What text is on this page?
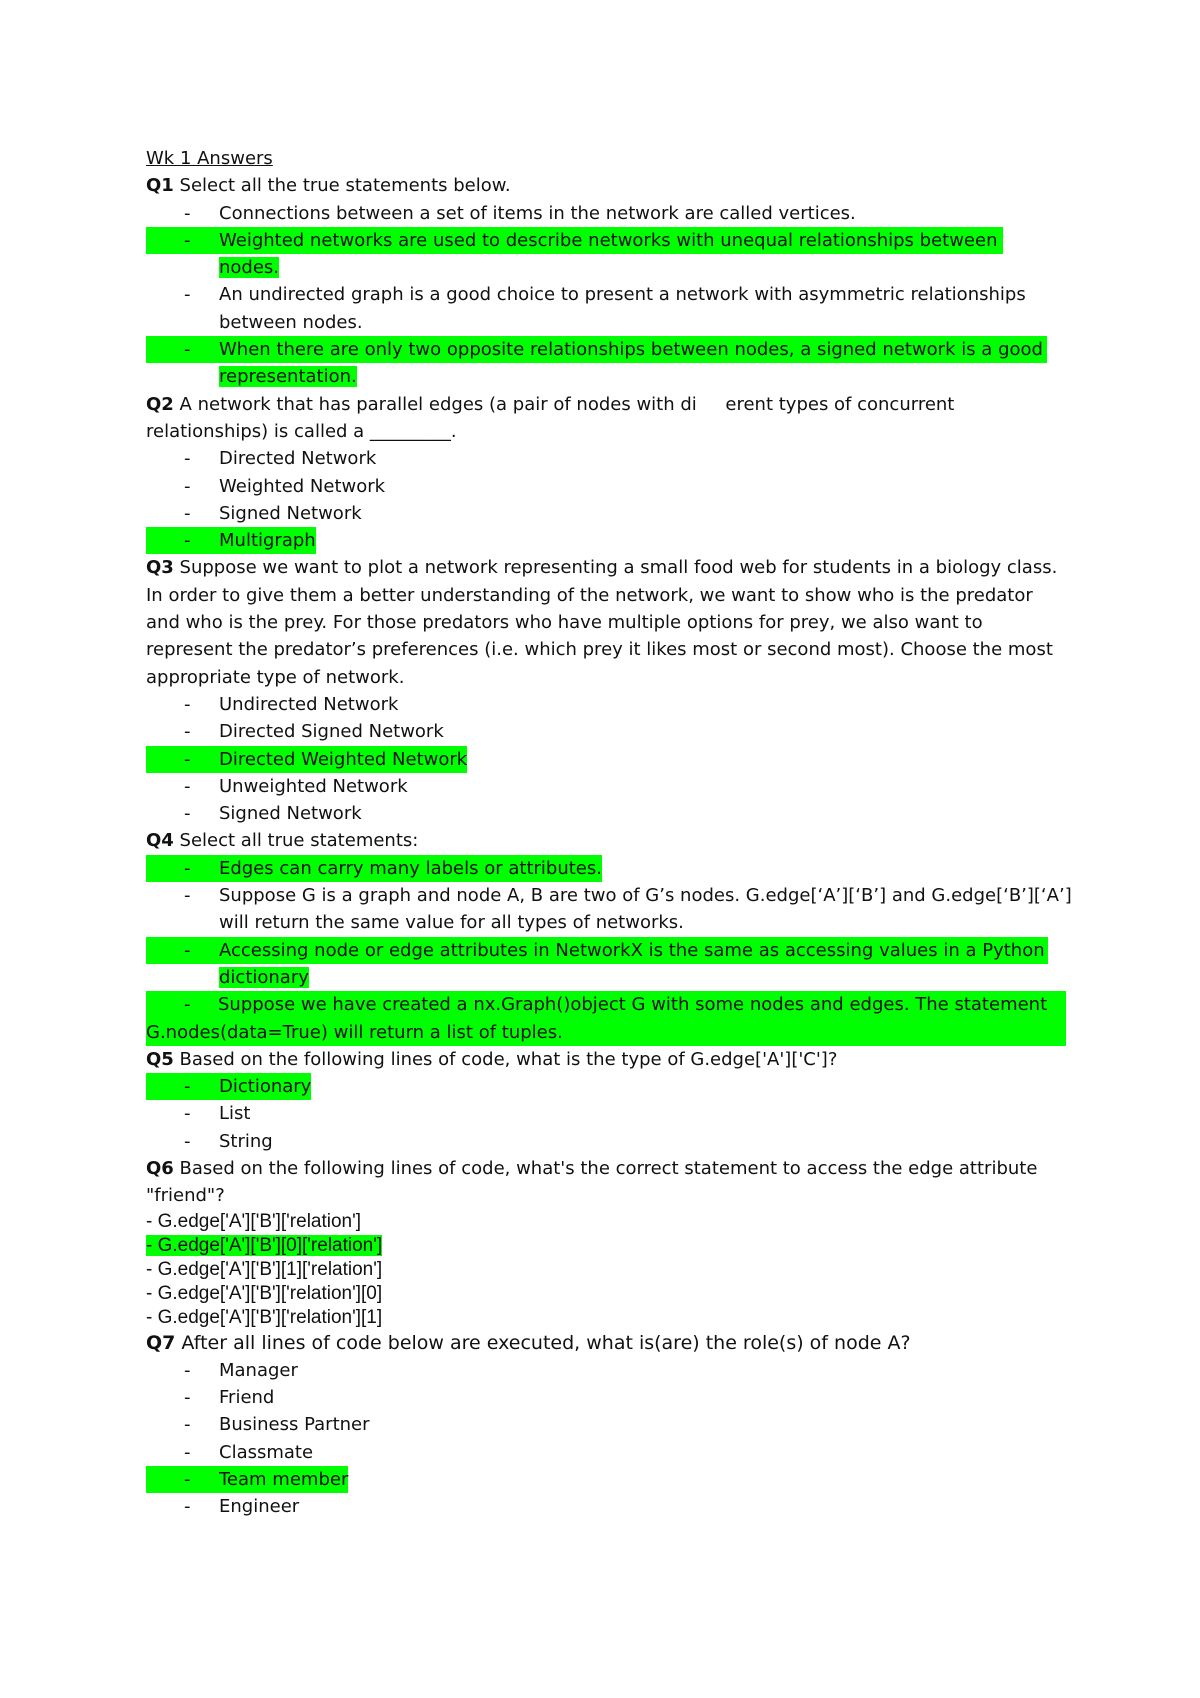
Wk 1 Answers
Q1 Select all the true statements below.
-	Connections between a set of items in the network are called vertices.
-	Weighted networks are used to describe networks with unequal relationships between
nodes.
-	An undirected graph is a good choice to present a network with asymmetric relationships
between nodes.
-	When there are only two opposite relationships between nodes, a signed network is a good
representation.
Q2 A network that has parallel edges (a pair of nodes with di     erent types of concurrent
relationships) is called a _________.
-	Directed Network
-	Weighted Network
-	Signed Network
-	Multigraph
Q3 Suppose we want to plot a network representing a small food web for students in a biology class.
In order to give them a better understanding of the network, we want to show who is the predator
and who is the prey. For those predators who have multiple options for prey, we also want to
represent the predator’s preferences (i.e. which prey it likes most or second most). Choose the most
appropriate type of network.
-	Undirected Network
-	Directed Signed Network
-	Directed Weighted Network
-	Unweighted Network
-	Signed Network
Q4 Select all true statements:
-	Edges can carry many labels or attributes.
-	Suppose G is a graph and node A, B are two of G’s nodes. G.edge[‘A’][‘B’] and G.edge[‘B’][‘A’]
will return the same value for all types of networks.
-	Accessing node or edge attributes in NetworkX is the same as accessing values in a Python
dictionary
-	Suppose we have created a nx.Graph()object G with some nodes and edges. The statement
G.nodes(data=True) will return a list of tuples.
Q5 Based on the following lines of code, what is the type of G.edge['A']['C']?
-	Dictionary
-	List
-	String
Q6 Based on the following lines of code, what's the correct statement to access the edge attribute
"friend"?
- G.edge['A']['B']['relation']
- G.edge['A']['B'][0]['relation']
- G.edge['A']['B'][1]['relation']
- G.edge['A']['B']['relation'][0]
- G.edge['A']['B']['relation'][1]
Q7 After all lines of code below are executed, what is(are) the role(s) of node A?
-	Manager
-	Friend
-	Business Partner
-	Classmate
-	Team member
-	Engineer
